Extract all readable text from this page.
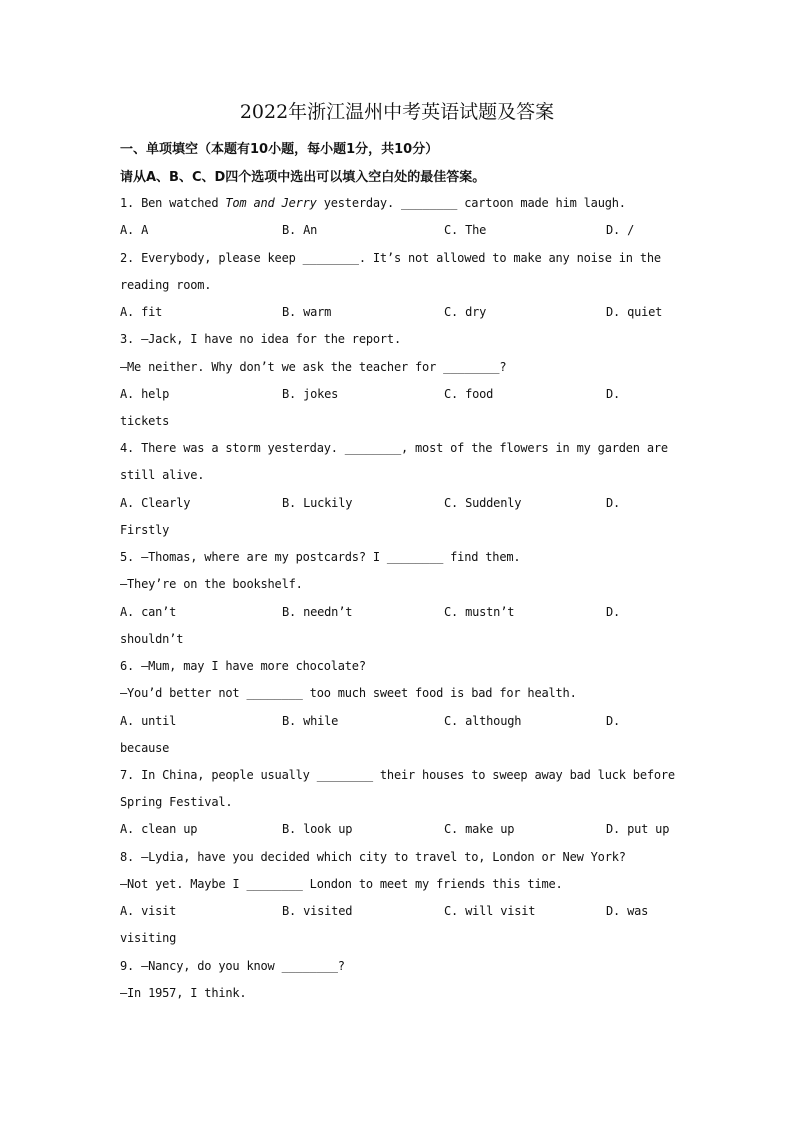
2022年浙江温州中考英语试题及答案
一、单项填空（本题有10小题，每小题1分，共10分）
请从A、B、C、D四个选项中选出可以填入空白处的最佳答案。
1. Ben watched Tom and Jerry yesterday. ________ cartoon made him laugh.
A. A	B. An	C. The	D. /
2. Everybody, please keep ________. It’s not allowed to make any noise in the
reading room.
A. fit	B. warm	C. dry	D. quiet
3. —Jack, I have no idea for the report.
—Me neither. Why don’t we ask the teacher for ________?
A. help	B. jokes	C. food	D.
tickets
4. There was a storm yesterday. ________, most of the flowers in my garden are
still alive.
A. Clearly	B. Luckily	C. Suddenly	D.
Firstly
5. —Thomas, where are my postcards? I ________ find them.
—They’re on the bookshelf.
A. can’t	B. needn’t	C. mustn’t	D.
shouldn’t
6. —Mum, may I have more chocolate?
—You’d better not ________ too much sweet food is bad for health.
A. until	B. while	C. although	D.
because
7. In China, people usually ________ their houses to sweep away bad luck before
Spring Festival.
A. clean up	B. look up	C. make up	D. put up
8. —Lydia, have you decided which city to travel to, London or New York?
—Not yet. Maybe I ________ London to meet my friends this time.
A. visit	B. visited	C. will visit	D. was
visiting
9. —Nancy, do you know ________?
—In 1957, I think.
